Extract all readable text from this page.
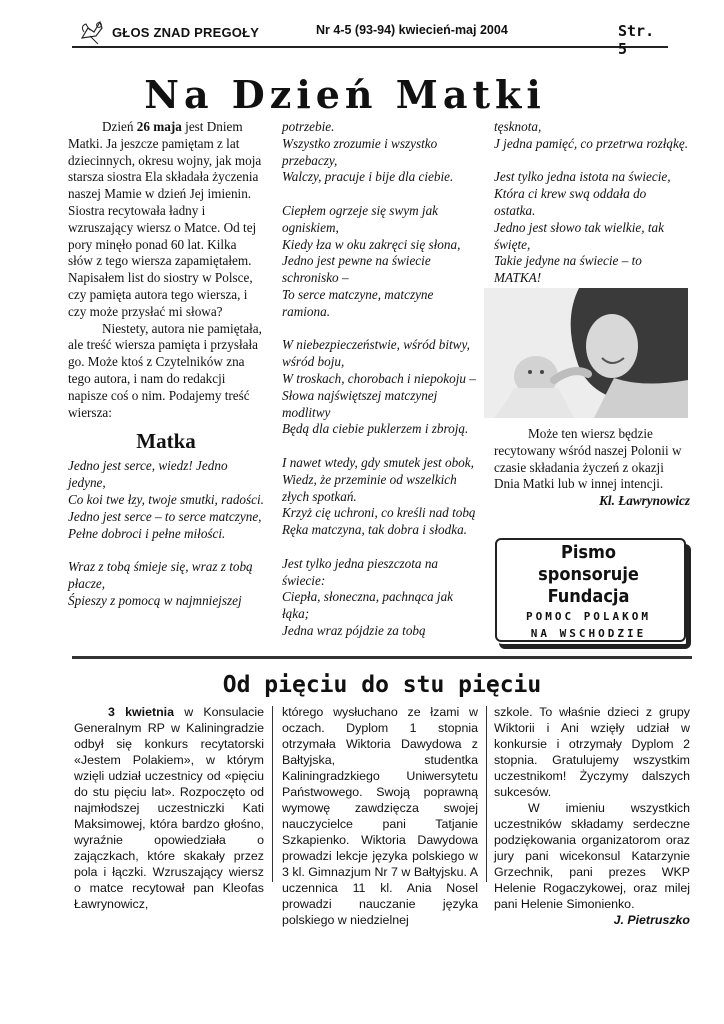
GŁOS ZNAD PREGOŁY	Nr 4-5 (93-94) kwiecień-maj 2004	Str. 5
Na Dzień Matki

Dzień 26 maja jest Dniem Matki. Ja jeszcze pamiętam z lat dziecinnych, okresu wojny, jak moja starsza siostra Ela składała życzenia naszej Mamie w dzień Jej imienin. Siostra recytowała ładny i wzruszający wiersz o Matce. Od tej pory minęło ponad 60 lat. Kilka słów z tego wiersza zapamiętałem. Napisałem list do siostry w Polsce, czy pamięta autora tego wiersza, i czy może przysłać mi słowa?

Niestety, autora nie pamiętała, ale treść wiersza pamięta i przysłała go. Może ktoś z Czytelników zna tego autora, i nam do redakcji napisze coś o nim. Podajemy treść wiersza:

Matka

Jedno jest serce, wiedz! Jedno jedyne,
Co koi twe łzy, twoje smutki, radości.
Jedno jest serce – to serce matczyne,
Pełne dobroci i pełne miłości.

Wraz z tobą śmieje się, wraz z tobą płacze,
Śpieszy z pomocą w najmniejszej

potrzebie.
Wszystko zrozumie i wszystko przebaczy,
Walczy, pracuje i bije dla ciebie.

Ciepłem ogrzeje się swym jak ogniskiem,
Kiedy łza w oku zakręci się słona,
Jedno jest pewne na świecie schronisko –
To serce matczyne, matczyne ramiona.

W niebezpieczeństwie, wśród bitwy, wśród boju,
W troskach, chorobach i niepokoju –
Słowa najświętszej matczynej modlitwy
Będą dla ciebie puklerzem i zbroją.

I nawet wtedy, gdy smutek jest obok,
Wiedz, że przeminie od wszelkich złych spotkań.
Krzyż cię uchroni, co kreśli nad tobą
Ręka matczyna, tak dobra i słodka.

Jest tylko jedna pieszczota na świecie:
Ciepła, słoneczna, pachnąca jak łąka;
Jedna wraz pójdzie za tobą

tęsknota,
J jedna pamięć, co przetrwa rozłąkę.

Jest tylko jedna istota na świecie,
Która ci krew swą oddała do ostatka.
Jedno jest słowo tak wielkie, tak święte,
Takie jedyne na świecie – to MATKA!

Może ten wiersz będzie recytowany wśród naszej Polonii w czasie składania życzeń z okazji Dnia Matki lub w innej intencji.

Kl. Ławrynowicz

Pismo
sponsoruje
Fundacja
POMOC POLAKOM
NA WSCHODZIE
Od pięciu do stu pięciu

3 kwietnia w Konsulacie Generalnym RP w Kaliningradzie odbył się konkurs recytatorski «Jestem Polakiem», w którym wzięli udział uczestnicy od «pięciu do stu pięciu lat». Rozpoczęto od najmłodszej uczestniczki Kati Maksimowej, która bardzo głośno, wyraźnie opowiedziała o zajączkach, które skakały przez pola i łączki. Wzruszający wiersz o matce recytował pan Kleofas Ławrynowicz,

którego wysłuchano ze łzami w oczach. Dyplom 1 stopnia otrzymała Wiktoria Dawydowa z Bałtyjska, studentka Kaliningradzkiego Uniwersytetu Państwowego. Swoją poprawną wymowę zawdzięcza swojej nauczycielce pani Tatjanie Szkapienko. Wiktoria Dawydowa prowadzi lekcje języka polskiego w 3 kl. Gimnazjum Nr 7 w Bałtyjsku. A uczennica 11 kl. Ania Nosel prowadzi nauczanie języka polskiego w niedzielnej

szkole. To właśnie dzieci z grupy Wiktorii i Ani wzięły udział w konkursie i otrzymały Dyplom 2 stopnia. Gratulujemy wszystkim uczestnikom! Życzymy dalszych sukcesów.

W imieniu wszystkich uczestników składamy serdeczne podziękowania organizatorom oraz jury pani wicekonsul Katarzynie Grzechnik, pani prezes WKP Helenie Rogaczykowej, oraz milej pani Helenie Simonienko.
J. Pietruszko
